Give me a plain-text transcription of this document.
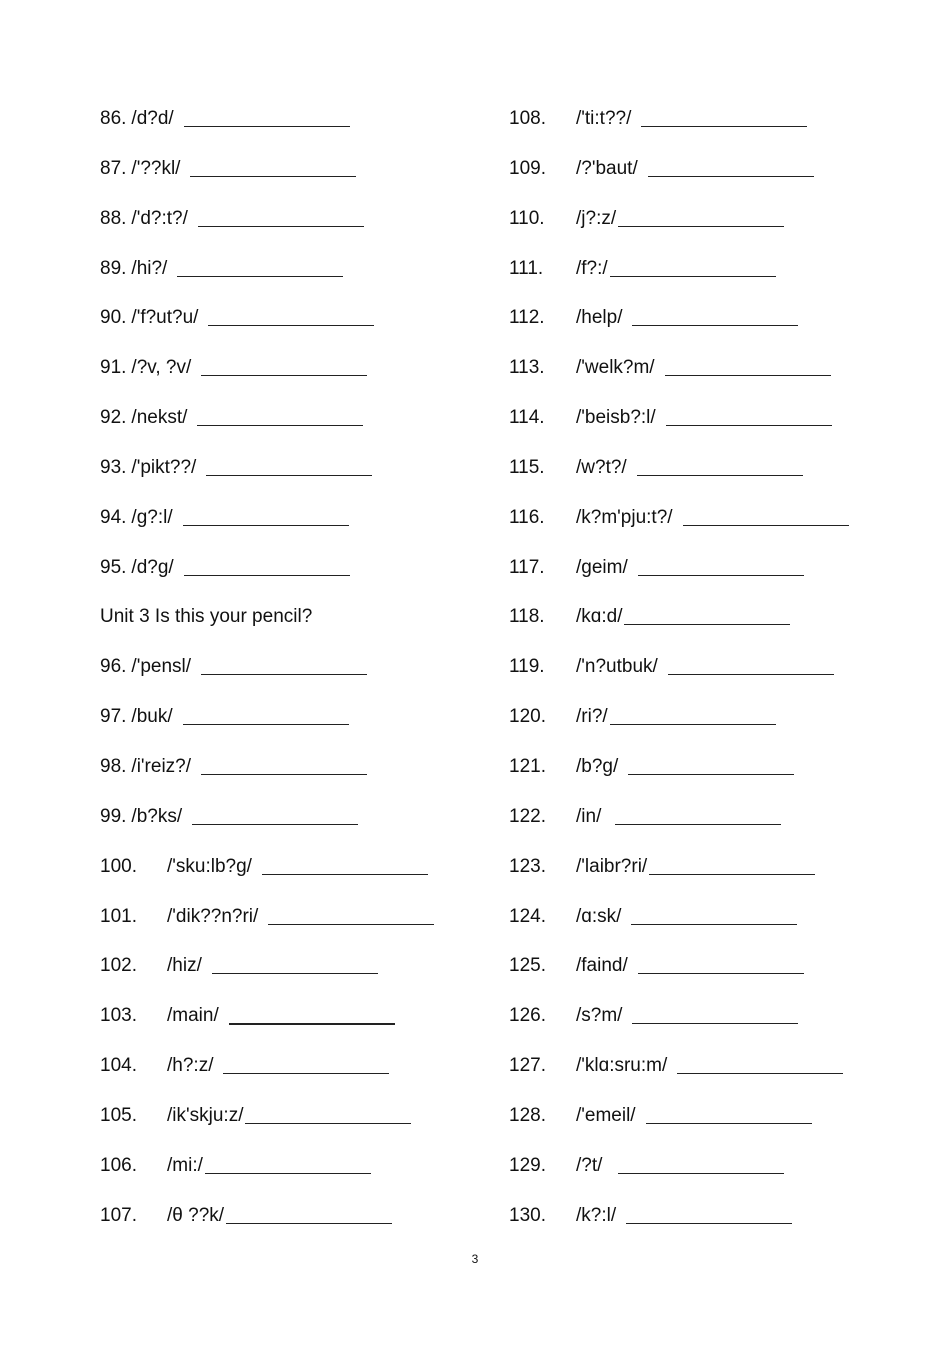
86. /d?d/
87. /'??kl/
88. /'d?:t?/
89. /hi?/
90. /'f?ut?u/
91. /?v, ?v/
92. /nekst/
93. /'pikt??/
94. /g?:l/
95. /d?g/
Unit 3 Is this your pencil?
96. /'pensl/
97. /buk/
98. /i'reiz?/
99. /b?ks/
100.	/'sku:lb?g/
101.	/'dik??n?ri/
102.	/hiz/
103.	/main/
104.	/h?:z/
105.	/ik'skju:z/
106.	/mi:/
107.	/θ ??k/
108.	/'ti:t??/
109.	/?'baut/
110.	/j?:z/
111.	/f?:/
112.	/help/
113.	/'welk?m/
114.	/'beisb?:l/
115.	/w?t?/
116.	/k?m'pju:t?/
117.	/geim/
118.	/kɑ:d/
119.	/'n?utbuk/
120.	/ri?/
121.	/b?g/
122.	/in/
123.	/'laibr?ri/
124.	/ɑ:sk/
125.	/faind/
126.	/s?m/
127.	/'klɑ:sru:m/
128.	/'emeil/
129.	/?t/
130.	/k?:l/
3
